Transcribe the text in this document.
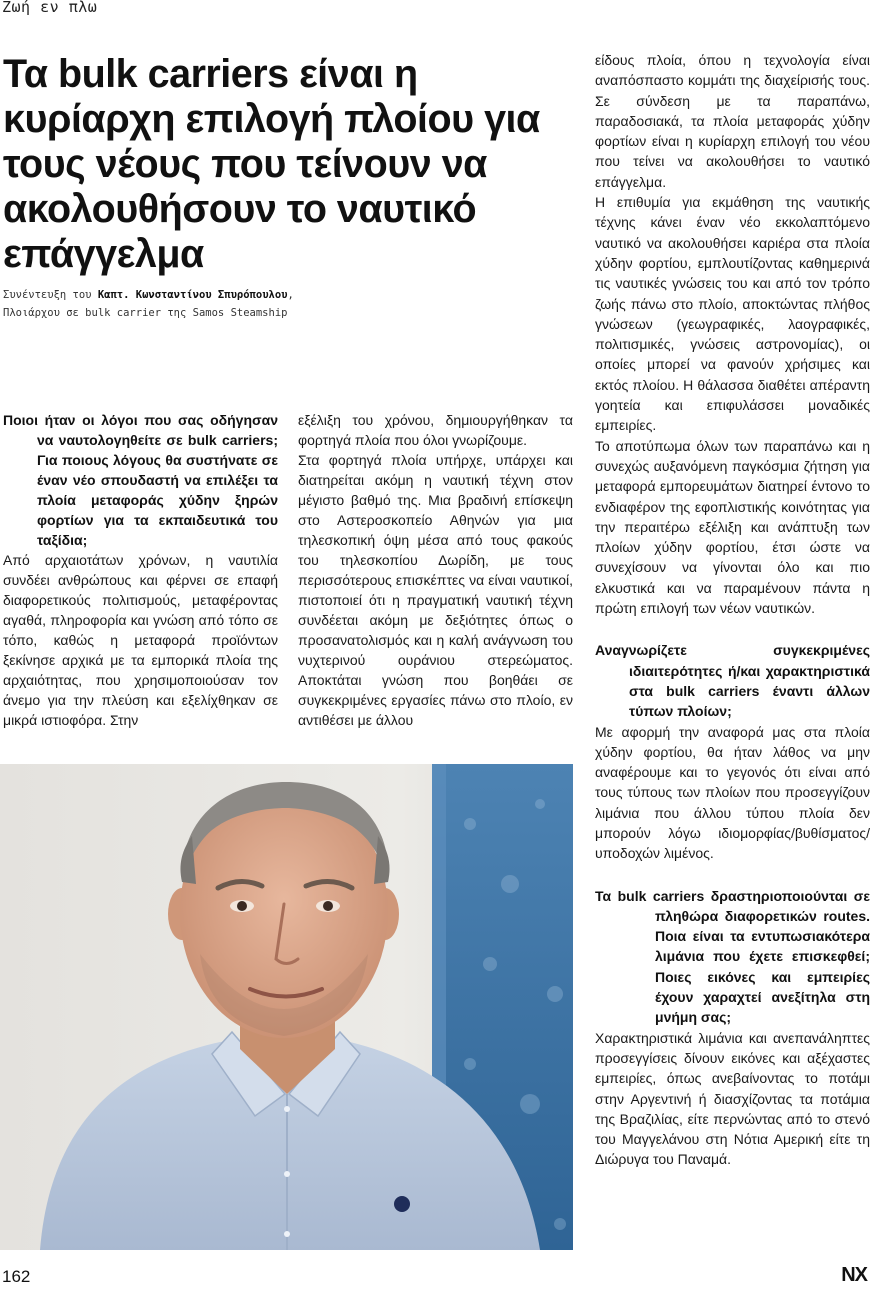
Ζωή εν πλω
Τα bulk carriers είναι η κυρίαρχη επιλογή πλοίου για τους νέους που τείνουν να ακολουθήσουν το ναυτικό επάγγελμα
Συνέντευξη του Καπτ. Κωνσταντίνου Σπυρόπουλου,
Πλοιάρχου σε bulk carrier της Samos Steamship

Ποιοι ήταν οι λόγοι που σας οδήγησαν να ναυτολογηθείτε σε bulk carriers; Για ποιους λόγους θα συστήνατε σε έναν νέο σπουδαστή να επιλέξει τα πλοία μεταφοράς χύδην ξηρών φορτίων για τα εκπαιδευτικά του ταξίδια;

Από αρχαιοτάτων χρόνων, η ναυτιλία συνδέει ανθρώπους και φέρνει σε επαφή διαφορετικούς πολιτισμούς, μεταφέροντας αγαθά, πληροφορία και γνώση από τόπο σε τόπο, καθώς η μεταφορά προϊόντων ξεκίνησε αρχικά με τα εμπορικά πλοία της αρχαιότητας, που χρησιμοποιούσαν τον άνεμο για την πλεύση και εξελίχθηκαν σε μικρά ιστιοφόρα. Στην

εξέλιξη του χρόνου, δημιουργήθηκαν τα φορτηγά πλοία που όλοι γνωρίζουμε.

Στα φορτηγά πλοία υπήρχε, υπάρχει και διατηρείται ακόμη η ναυτική τέχνη στον μέγιστο βαθμό της. Μια βραδινή επίσκεψη στο Αστεροσκοπείο Αθηνών για μια τηλεσκοπική όψη μέσα από τους φακούς του τηλεσκοπίου Δωρίδη, με τους περισσότερους επισκέπτες να είναι ναυτικοί, πιστοποιεί ότι η πραγματική ναυτική τέχνη συνδέεται ακόμη με δεξιότητες όπως ο προσανατολισμός και η καλή ανάγνωση του νυχτερινού ουράνιου στερεώματος. Αποκτάται γνώση που βοηθάει σε συγκεκριμένες εργασίες πάνω στο πλοίο, εν αντιθέσει με άλλου

είδους πλοία, όπου η τεχνολογία είναι αναπόσπαστο κομμάτι της διαχείρισής τους. Σε σύνδεση με τα παραπάνω, παραδοσιακά, τα πλοία μεταφοράς χύδην φορτίων είναι η κυρίαρχη επιλογή του νέου που τείνει να ακολουθήσει το ναυτικό επάγγελμα.

Η επιθυμία για εκμάθηση της ναυτικής τέχνης κάνει έναν νέο εκκολαπτόμενο ναυτικό να ακολουθήσει καριέρα στα πλοία χύδην φορτίου, εμπλουτίζοντας καθημερινά τις ναυτικές γνώσεις του και από τον τρόπο ζωής πάνω στο πλοίο, αποκτώντας πλήθος γνώσεων (γεωγραφικές, λαογραφικές, πολιτισμικές, γνώσεις αστρονομίας), οι οποίες μπορεί να φανούν χρήσιμες και εκτός πλοίου. Η θάλασσα διαθέτει απέραντη γοητεία και επιφυλάσσει μοναδικές εμπειρίες.

Το αποτύπωμα όλων των παραπάνω και η συνεχώς αυξανόμενη παγκόσμια ζήτηση για μεταφορά εμπορευμάτων διατηρεί έντονο το ενδιαφέρον της εφοπλιστικής κοινότητας για την περαιτέρω εξέλιξη και ανάπτυξη των πλοίων χύδην φορτίου, έτσι ώστε να συνεχίσουν να γίνονται όλο και πιο ελκυστικά και να παραμένουν πάντα η πρώτη επιλογή των νέων ναυτικών.

Αναγνωρίζετε συγκεκριμένες ιδιαιτερότητες ή/και χαρακτηριστικά στα bulk carriers έναντι άλλων τύπων πλοίων;

Με αφορμή την αναφορά μας στα πλοία χύδην φορτίου, θα ήταν λάθος να μην αναφέρουμε και το γεγονός ότι είναι από τους τύπους των πλοίων που προσεγγίζουν λιμάνια που άλλου τύπου πλοία δεν μπορούν λόγω ιδιομορφίας/βυθίσματος/υποδοχών λιμένος.

Τα bulk carriers δραστηριοποιούνται σε πληθώρα διαφορετικών routes. Ποια είναι τα εντυπωσιακότερα λιμάνια που έχετε επισκεφθεί; Ποιες εικόνες και εμπειρίες έχουν χαραχτεί ανεξίτηλα στη μνήμη σας;

Χαρακτηριστικά λιμάνια και ανεπανάληπτες προσεγγίσεις δίνουν εικόνες και αξέχαστες εμπειρίες, όπως ανεβαίνοντας το ποτάμι στην Αργεντινή ή διασχίζοντας τα ποτάμια της Βραζιλίας, είτε περνώντας από το στενό του Μαγγελάνου στη Νότια Αμερική είτε τη Διώρυγα του Παναμά.

162	NX
